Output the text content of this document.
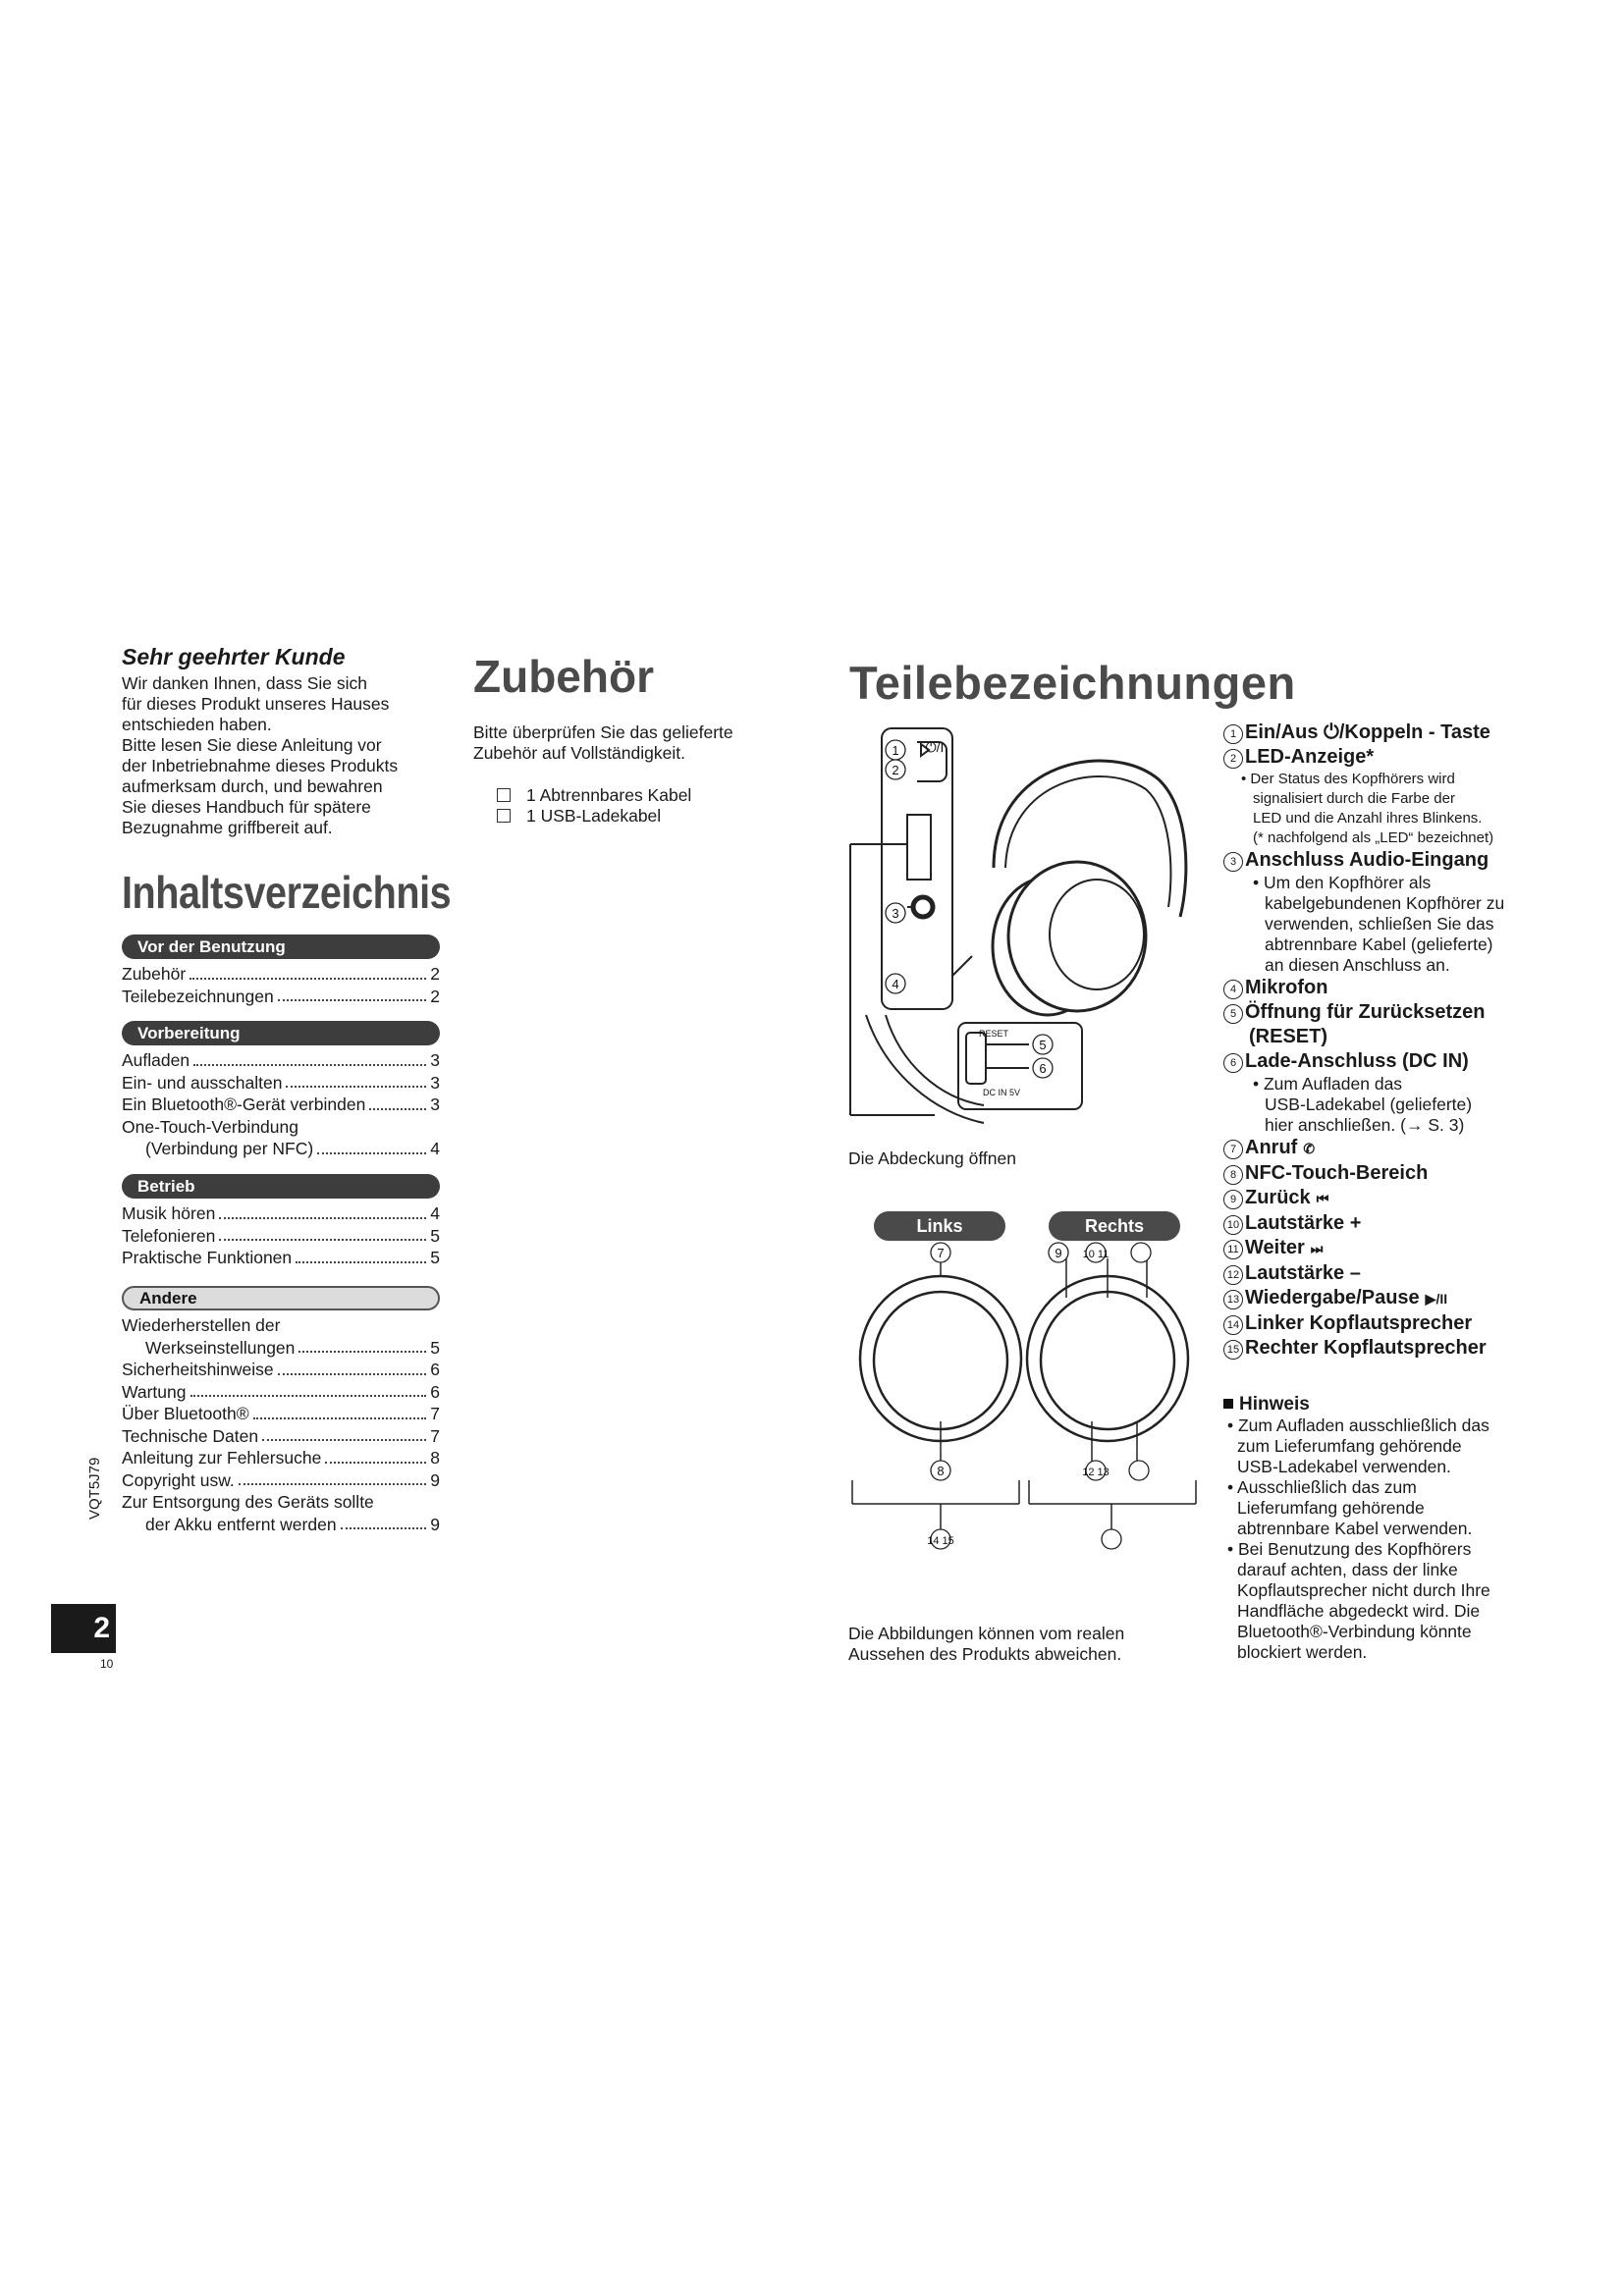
Sehr geehrter Kunde
Wir danken Ihnen, dass Sie sich
für dieses Produkt unseres Hauses
entschieden haben.
Bitte lesen Sie diese Anleitung vor
der Inbetriebnahme dieses Produkts
aufmerksam durch, und bewahren
Sie dieses Handbuch für spätere
Bezugnahme griffbereit auf.
Inhaltsverzeichnis
Vor der Benutzung
Zubehör	2
Teilebezeichnungen	2
Vorbereitung
Aufladen	3
Ein- und ausschalten	3
Ein Bluetooth®-Gerät verbinden	3
One-Touch-Verbindung
(Verbindung per NFC)	4
Betrieb
Musik hören	4
Telefonieren	5
Praktische Funktionen	5
Andere
Wiederherstellen der
Werkseinstellungen	5
Sicherheitshinweise	6
Wartung	6
Über Bluetooth®	7
Technische Daten	7
Anleitung zur Fehlersuche	8
Copyright usw.	9
Zur Entsorgung des Geräts sollte
der Akku entfernt werden	9
VQT5J79
2
10
Zubehör
Bitte überprüfen Sie das gelieferte
Zubehör auf Vollständigkeit.
1 Abtrennbares Kabel
1 USB-Ladekabel
Teilebezeichnungen
1
2
3
4
5
6
⏻/I
RESET
DC IN 5V
Die Abdeckung öffnen
Links	Rechts
7
8
9 10 11
12 13
14 15
Die Abbildungen können vom realen
Aussehen des Produkts abweichen.
1 Ein/Aus ⏻/Koppeln - Taste
2 LED-Anzeige*
• Der Status des Kopfhörers wird
signalisiert durch die Farbe der
LED und die Anzahl ihres Blinkens.
(* nachfolgend als „LED“ bezeichnet)
3 Anschluss Audio-Eingang
• Um den Kopfhörer als
kabelgebundenen Kopfhörer zu
verwenden, schließen Sie das
abtrennbare Kabel (gelieferte)
an diesen Anschluss an.
4 Mikrofon
5 Öffnung für Zurücksetzen
(RESET)
6 Lade-Anschluss (DC IN)
• Zum Aufladen das
USB-Ladekabel (gelieferte)
hier anschließen. (→ S. 3)
7 Anruf ✆
8 NFC-Touch-Bereich
9 Zurück ⏮
10 Lautstärke +
11 Weiter ⏭
12 Lautstärke –
13 Wiedergabe/Pause ▶/II
14 Linker Kopflautsprecher
15 Rechter Kopflautsprecher
Hinweis
• Zum Aufladen ausschließlich das
zum Lieferumfang gehörende
USB-Ladekabel verwenden.
• Ausschließlich das zum
Lieferumfang gehörende
abtrennbare Kabel verwenden.
• Bei Benutzung des Kopfhörers
darauf achten, dass der linke
Kopflautsprecher nicht durch Ihre
Handfläche abgedeckt wird. Die
Bluetooth®-Verbindung könnte
blockiert werden.
